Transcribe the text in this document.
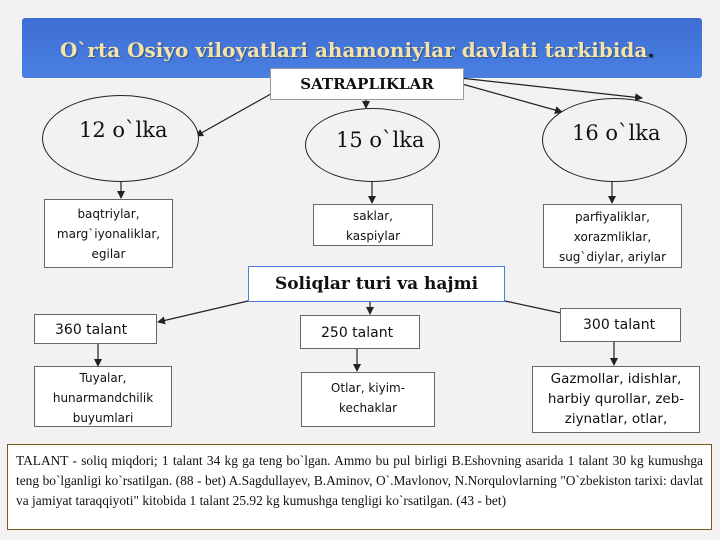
O`rta Osiyo viloyatlari ahamoniylar davlati tarkibida.
SATRAPLIKLAR
12 o`lka	15 o`lka	16 o`lka
baqtriylar,
marg`iyonaliklar,
egilar
saklar,
kaspiylar
parfiyaliklar,
xorazmliklar,
sug`diylar, ariylar
Soliqlar turi va hajmi
360 talant	250 talant	300 talant
Tuyalar,
hunarmandchilik
buyumlari
Otlar, kiyim-
kechaklar
Gazmollar, idishlar,
harbiy qurollar, zeb-
ziynatlar, otlar,
TALANT - soliq miqdori; 1 talant 34 kg ga teng bo`lgan. Ammo bu pul birligi B.Eshovning asarida 1 talant 30 kg kumushga teng bo`lganligi ko`rsatilgan. (88 - bet) A.Sagdullayev, B.Aminov, O`.Mavlonov, N.Norqulovlarning "O`zbekiston tarixi: davlat va jamiyat taraqqiyoti" kitobida 1 talant 25.92 kg kumushga tengligi ko`rsatilgan. (43 - bet)
